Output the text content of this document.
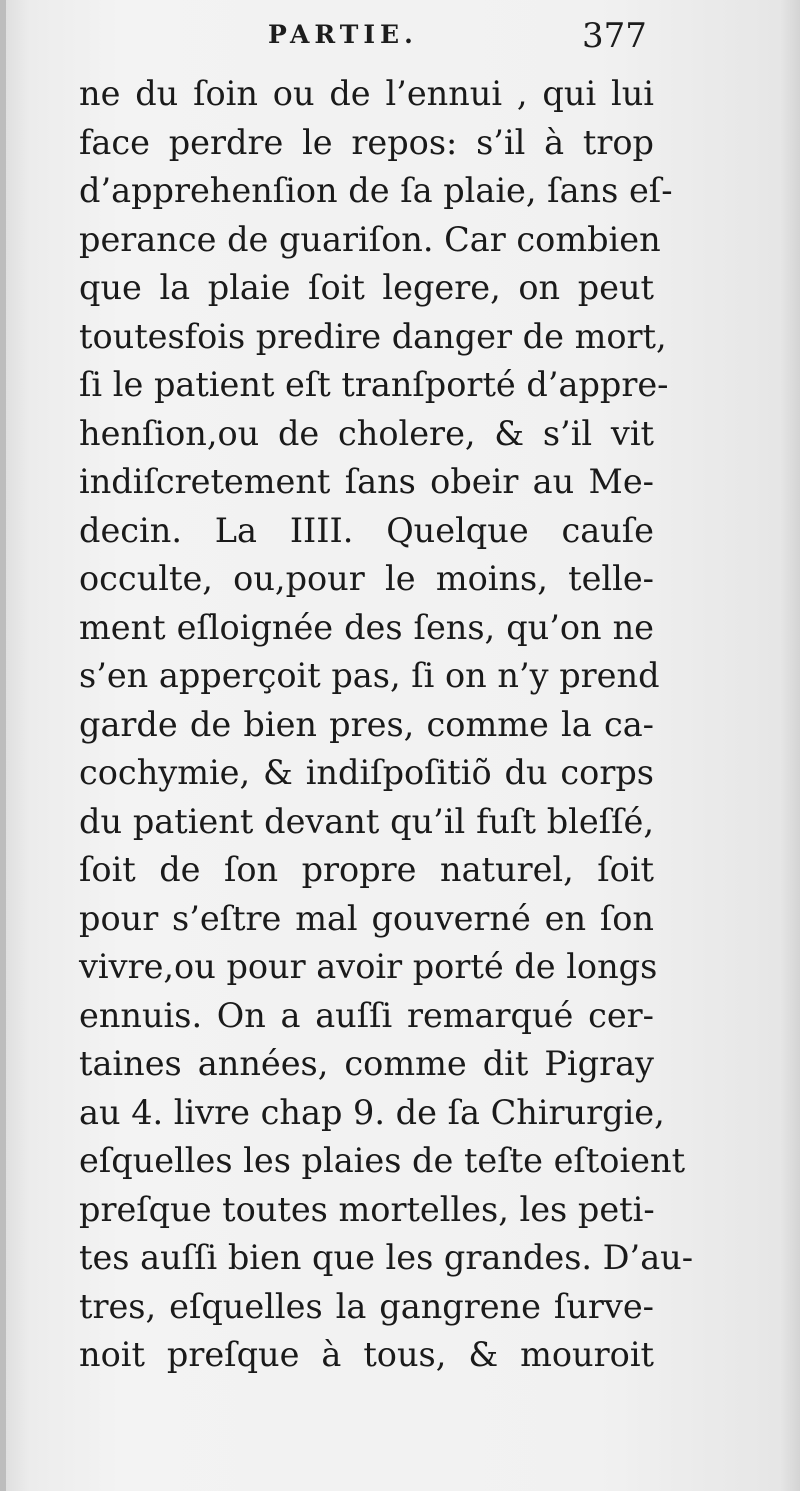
PARTIE.	377
ne du ſoin ou de l’ennui , qui lui
face perdre le repos: s’il à trop
d’apprehenſion de ſa plaie, ſans eſ-
perance de guariſon. Car combien
que la plaie ſoit legere, on peut
toutesfois predire danger de mort,
ſi le patient eſt tranſporté d’appre-
henſion,ou de cholere, & s’il vit
indiſcretement ſans obeir au Me-
decin. La IIII. Quelque cauſe
occulte, ou,pour le moins, telle-
ment eſloignée des ſens, qu’on ne
s’en apperçoit pas, ſi on n’y prend
garde de bien pres, comme la ca-
cochymie, & indiſpoſitiõ du corps
du patient devant qu’il fuſt bleſſé,
ſoit de ſon propre naturel, ſoit
pour s’eſtre mal gouverné en ſon
vivre,ou pour avoir porté de longs
ennuis. On a auſſi remarqué cer-
taines années, comme dit Pigray
au 4. livre chap 9. de ſa Chirurgie,
eſquelles les plaies de teſte eſtoient
preſque toutes mortelles, les peti-
tes auſſi bien que les grandes. D’au-
tres, eſquelles la gangrene ſurve-
noit preſque à tous, & mouroit
